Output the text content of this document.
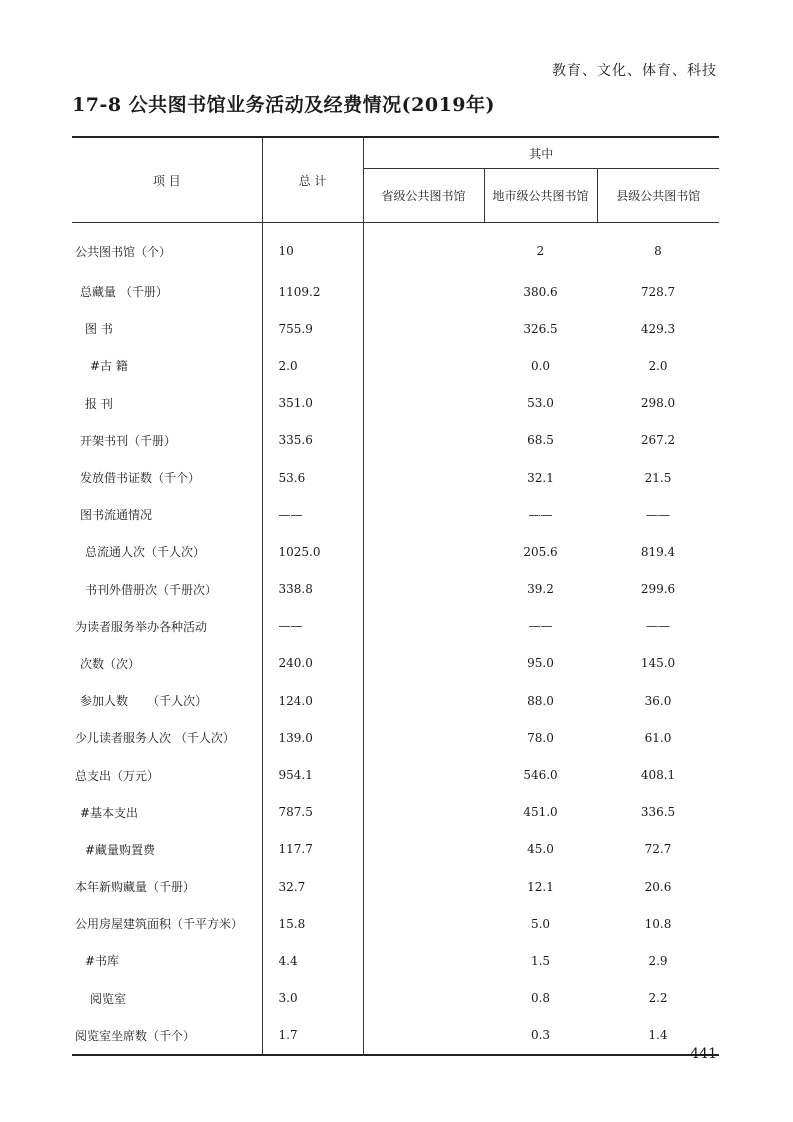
教育、文化、体育、科技
17-8 公共图书馆业务活动及经费情况(2019年)
项 目	总 计	其中		
		省级公共图书馆	地市级公共图书馆	县级公共图书馆
公共图书馆（个）	10		2	8
总藏量 （千册）	1109.2		380.6	728.7
图 书	755.9		326.5	429.3
#古 籍	2.0		0.0	2.0
报 刊	351.0		53.0	298.0
开架书刊（千册）	335.6		68.5	267.2
发放借书证数（千个）	53.6		32.1	21.5
图书流通情况	——		——	——
总流通人次（千人次）	1025.0		205.6	819.4
书刊外借册次（千册次）	338.8		39.2	299.6
为读者服务举办各种活动	——		——	——
次数（次）	240.0		95.0	145.0
参加人数     （千人次）	124.0		88.0	36.0
少儿读者服务人次 （千人次）	139.0		78.0	61.0
总支出（万元）	954.1		546.0	408.1
#基本支出	787.5		451.0	336.5
#藏量购置费	117.7		45.0	72.7
本年新购藏量（千册）	32.7		12.1	20.6
公用房屋建筑面积（千平方米）	15.8		5.0	10.8
#书库	4.4		1.5	2.9
阅览室	3.0		0.8	2.2
阅览室坐席数（千个）	1.7		0.3	1.4
441
